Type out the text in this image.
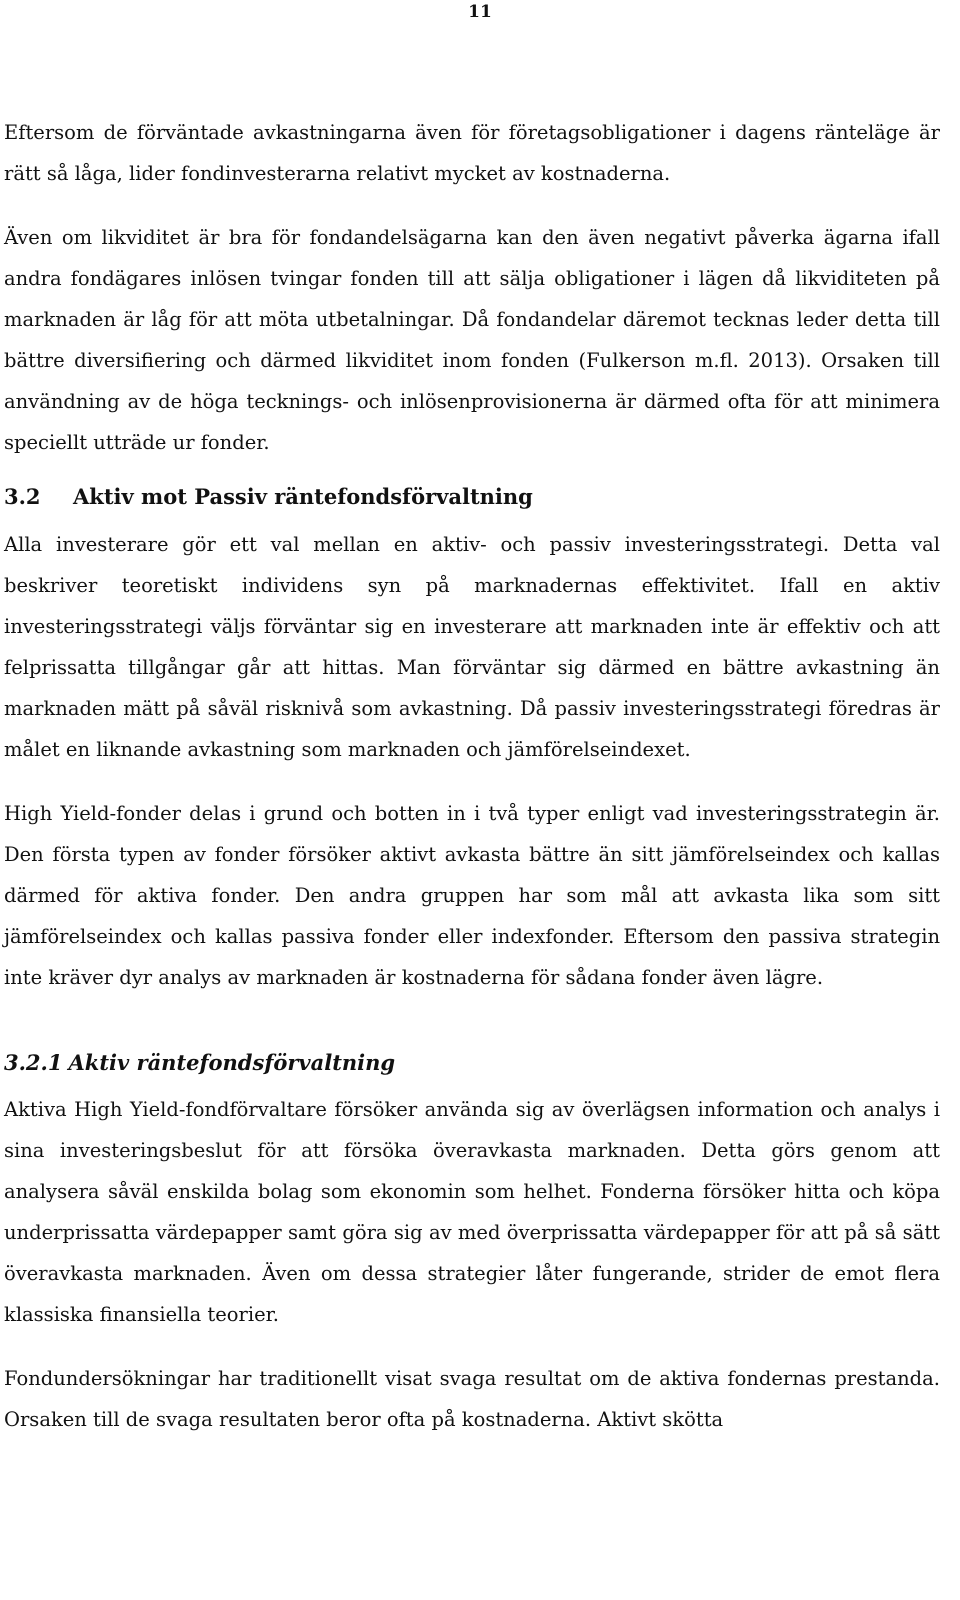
11

Eftersom de förväntade avkastningarna även för företagsobligationer i dagens ränteläge är rätt så låga, lider fondinvesterarna relativt mycket av kostnaderna.

Även om likviditet är bra för fondandelsägarna kan den även negativt påverka ägarna ifall andra fondägares inlösen tvingar fonden till att sälja obligationer i lägen då likviditeten på marknaden är låg för att möta utbetalningar. Då fondandelar däremot tecknas leder detta till bättre diversifiering och därmed likviditet inom fonden (Fulkerson m.fl. 2013). Orsaken till användning av de höga tecknings- och inlösenprovisionerna är därmed ofta för att minimera speciellt utträde ur fonder.

3.2 Aktiv mot Passiv räntefondsförvaltning

Alla investerare gör ett val mellan en aktiv- och passiv investeringsstrategi. Detta val beskriver teoretiskt individens syn på marknadernas effektivitet. Ifall en aktiv investeringsstrategi väljs förväntar sig en investerare att marknaden inte är effektiv och att felprissatta tillgångar går att hittas. Man förväntar sig därmed en bättre avkastning än marknaden mätt på såväl risknivå som avkastning. Då passiv investeringsstrategi föredras är målet en liknande avkastning som marknaden och jämförelseindexet.

High Yield-fonder delas i grund och botten in i två typer enligt vad investeringsstrategin är. Den första typen av fonder försöker aktivt avkasta bättre än sitt jämförelseindex och kallas därmed för aktiva fonder. Den andra gruppen har som mål att avkasta lika som sitt jämförelseindex och kallas passiva fonder eller indexfonder. Eftersom den passiva strategin inte kräver dyr analys av marknaden är kostnaderna för sådana fonder även lägre.

3.2.1 Aktiv räntefondsförvaltning

Aktiva High Yield-fondförvaltare försöker använda sig av överlägsen information och analys i sina investeringsbeslut för att försöka överavkasta marknaden. Detta görs genom att analysera såväl enskilda bolag som ekonomin som helhet. Fonderna försöker hitta och köpa underprissatta värdepapper samt göra sig av med överprissatta värdepapper för att på så sätt överavkasta marknaden. Även om dessa strategier låter fungerande, strider de emot flera klassiska finansiella teorier.

Fondundersökningar har traditionellt visat svaga resultat om de aktiva fondernas prestanda. Orsaken till de svaga resultaten beror ofta på kostnaderna. Aktivt skötta
